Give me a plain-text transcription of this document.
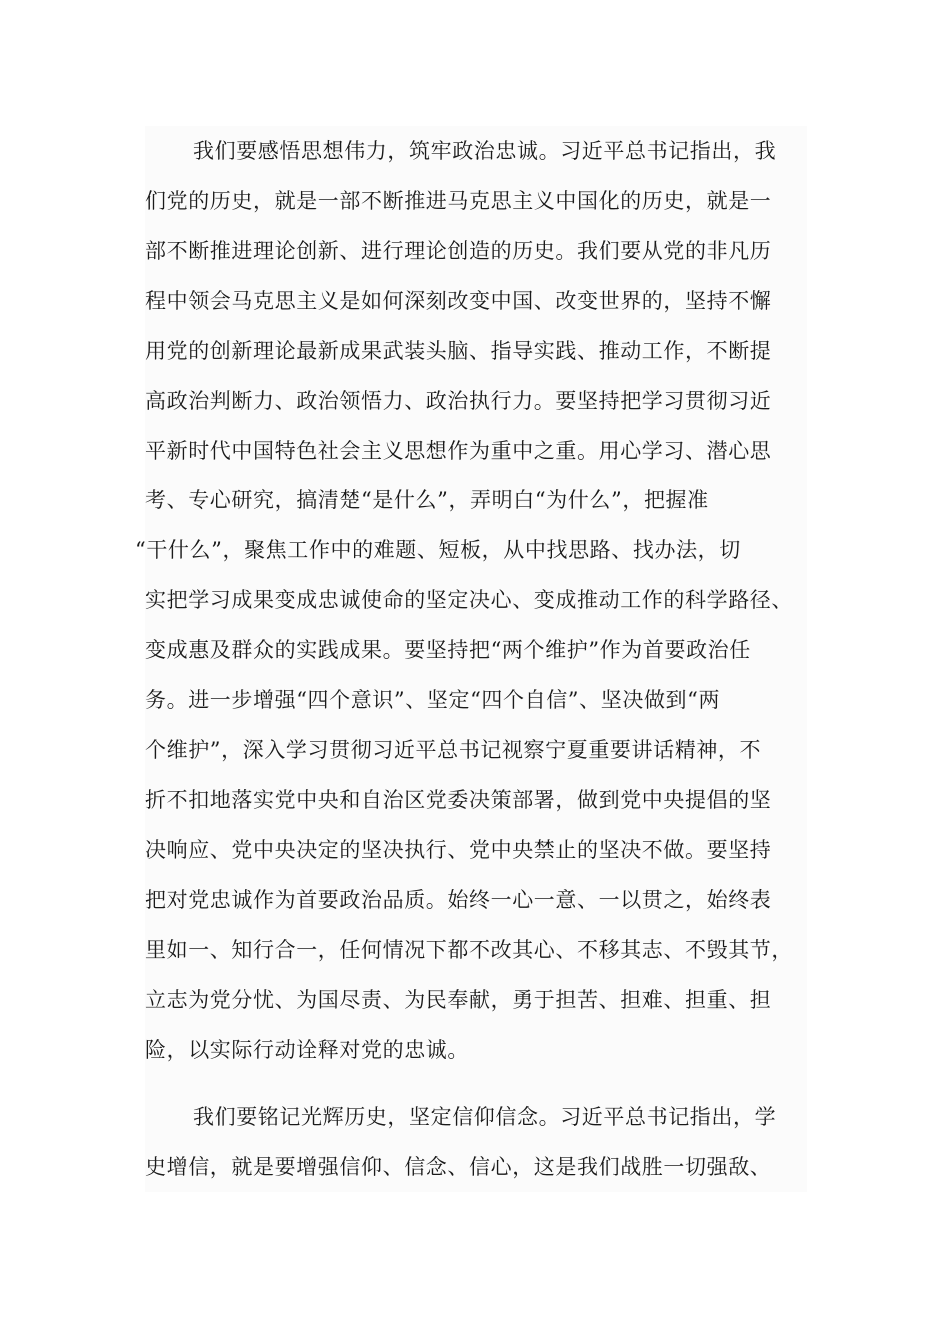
我们要感悟思想伟力，筑牢政治忠诚。习近平总书记指出，我
们党的历史，就是一部不断推进马克思主义中国化的历史，就是一
部不断推进理论创新、进行理论创造的历史。我们要从党的非凡历
程中领会马克思主义是如何深刻改变中国、改变世界的，坚持不懈
用党的创新理论最新成果武装头脑、指导实践、推动工作，不断提
高政治判断力、政治领悟力、政治执行力。要坚持把学习贯彻习近
平新时代中国特色社会主义思想作为重中之重。用心学习、潜心思
考、专心研究，搞清楚“是什么”，弄明白“为什么”，把握准
“干什么”，聚焦工作中的难题、短板，从中找思路、找办法，切
实把学习成果变成忠诚使命的坚定决心、变成推动工作的科学路径、
变成惠及群众的实践成果。要坚持把“两个维护”作为首要政治任
务。进一步增强“四个意识”、坚定“四个自信”、坚决做到“两
个维护”，深入学习贯彻习近平总书记视察宁夏重要讲话精神，不
折不扣地落实党中央和自治区党委决策部署，做到党中央提倡的坚
决响应、党中央决定的坚决执行、党中央禁止的坚决不做。要坚持
把对党忠诚作为首要政治品质。始终一心一意、一以贯之，始终表
里如一、知行合一，任何情况下都不改其心、不移其志、不毁其节，
立志为党分忧、为国尽责、为民奉献，勇于担苦、担难、担重、担
险，以实际行动诠释对党的忠诚。
我们要铭记光辉历史，坚定信仰信念。习近平总书记指出，学
史增信，就是要增强信仰、信念、信心，这是我们战胜一切强敌、
